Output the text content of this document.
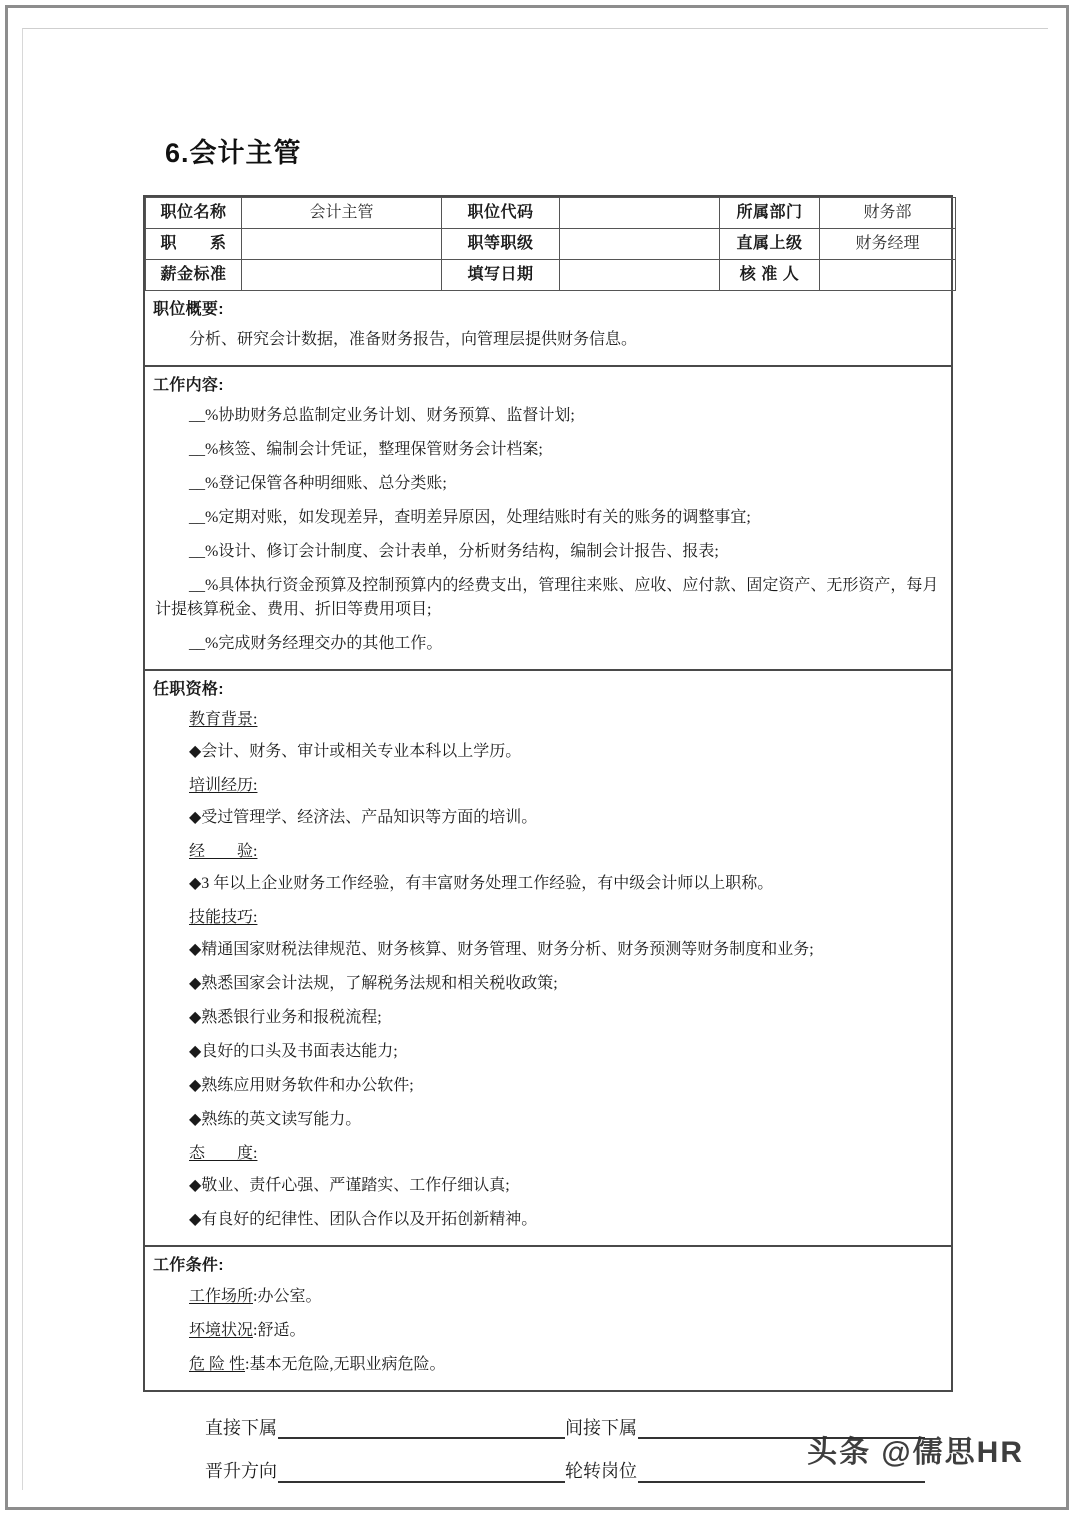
6.会计主管
职位名称	会计主管	职位代码		所属部门	财务部
职　　系		职等职级		直属上级	财务经理
薪金标准		填写日期		核 准 人	
职位概要:
分析、研究会计数据，准备财务报告，向管理层提供财务信息。
工作内容:
__%协助财务总监制定业务计划、财务预算、监督计划;
__%核签、编制会计凭证，整理保管财务会计档案;
__%登记保管各种明细账、总分类账;
__%定期对账，如发现差异，查明差异原因，处理结账时有关的账务的调整事宜;
__%设计、修订会计制度、会计表单，分析财务结构，编制会计报告、报表;
__%具体执行资金预算及控制预算内的经费支出，管理往来账、应收、应付款、固定资产、无形资产，每月计提核算税金、费用、折旧等费用项目;
__%完成财务经理交办的其他工作。
任职资格:
教育背景:
◆会计、财务、审计或相关专业本科以上学历。
培训经历:
◆受过管理学、经济法、产品知识等方面的培训。
经　　验:
◆3 年以上企业财务工作经验，有丰富财务处理工作经验，有中级会计师以上职称。
技能技巧:
◆精通国家财税法律规范、财务核算、财务管理、财务分析、财务预测等财务制度和业务;
◆熟悉国家会计法规，了解税务法规和相关税收政策;
◆熟悉银行业务和报税流程;
◆良好的口头及书面表达能力;
◆熟练应用财务软件和办公软件;
◆熟练的英文读写能力。
态　　度:
◆敬业、责仟心强、严谨踏实、工作仔细认真;
◆有良好的纪律性、团队合作以及开拓创新精神。
工作条件:
工作场所:办公室。
坏境状况:舒适。
危 险 性:基本无危险,无职业病危险。
直接下属	间接下属
晋升方向	轮转岗位
头条 @儒思HR
